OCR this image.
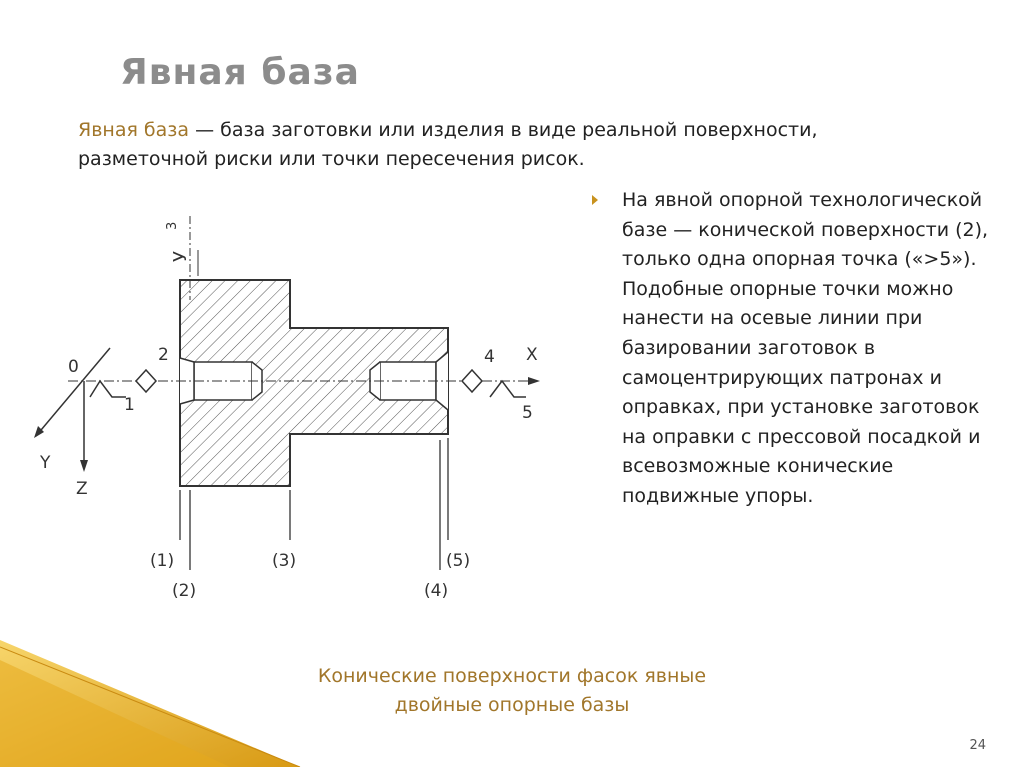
Явная база
Явная база — база заготовки или изделия в виде реальной поверхности, разметочной риски или точки пересечения рисок.
На явной опорной технологической базе — конической поверхности (2), только одна опорная точка («>5»). Подобные опорные точки можно нанести на осевые линии при базировании заготовок в самоцентрирующих патронах и оправках, при установке заготовок на оправки с прессовой посадкой и всевозможные конические подвижные упоры.
У
3
0
Y
Z
X
1
2	4
5
(1)
(2)
(3)
(4)
(5)
Конические поверхности фасок явные
двойные опорные базы
24
